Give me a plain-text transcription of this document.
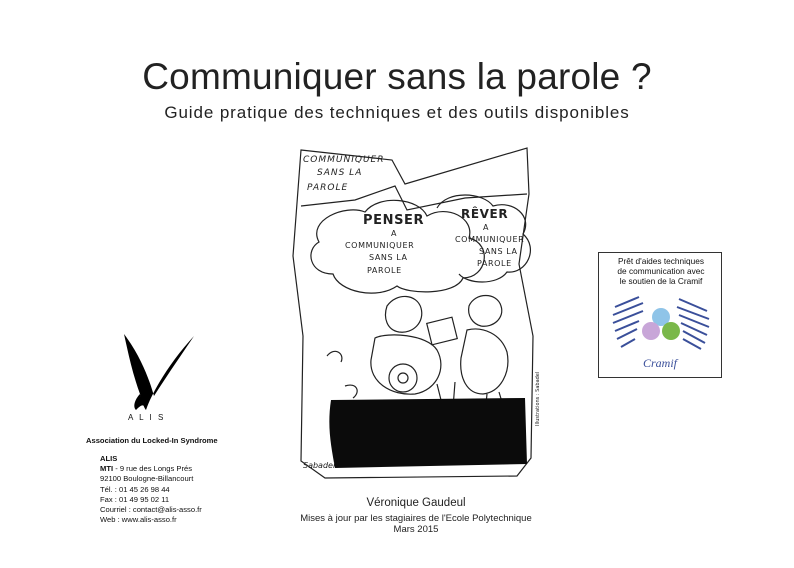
Communiquer sans la parole ?
Guide pratique des techniques et des outils disponibles
Illustrations : Sabadel
COMMUNIQUER
SANS LA
PAROLE
PENSER
A
COMMUNIQUER
SANS LA
PAROLE
RÊVER
A
COMMUNIQUER
SANS LA
PAROLE
Sabadel
Véronique Gaudeul
Mises à jour par les stagiaires de l'Ecole Polytechnique
Mars 2015
Prêt d'aides techniques
de communication avec
le soutien de la Cramif
Cramif
A L I S
Association du Locked-In Syndrome
ALIS
MTI - 9 rue des Longs Prés
92100 Boulogne-Billancourt
Tél. : 01 45 26 98 44
Fax : 01 49 95 02 11
Courriel : contact@alis-asso.fr
Web : www.alis-asso.fr
